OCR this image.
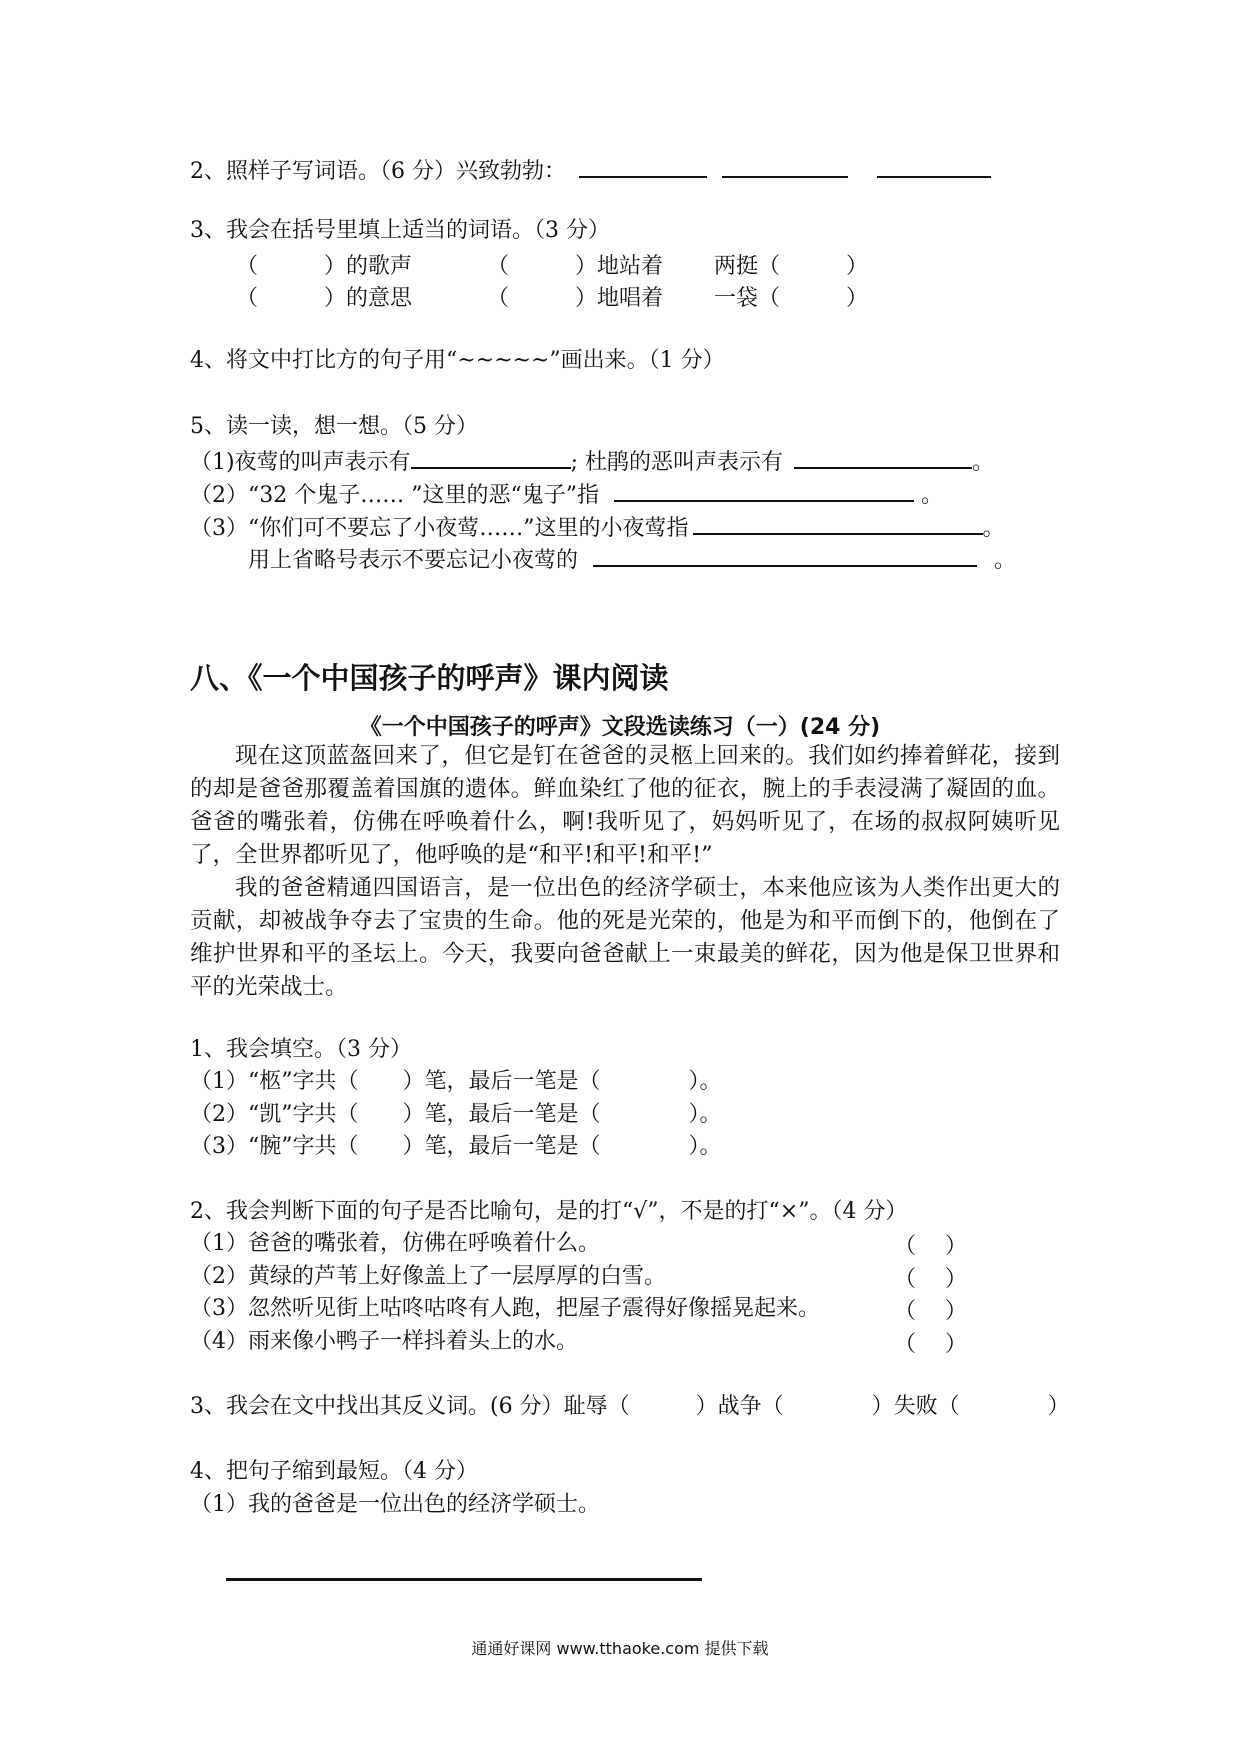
2、照样子写词语。（6 分）兴致勃勃：
3、我会在括号里填上适当的词语。（3 分）
（　　　）的歌声	（　　　）地站着 两挺（　　　）
（　　　）的意思	（　　　）地唱着 一袋（　　　）
4、将文中打比方的句子用“~~~~~”画出来。（1 分）
5、读一读，想一想。（5 分）
（1)夜莺的叫声表示有	; 杜鹃的恶叫声表示有	。
（2）“32 个鬼子…… ”这里的恶“鬼子”指	。
（3）“你们可不要忘了小夜莺……”这里的小夜莺指	。
用上省略号表示不要忘记小夜莺的	。
八、《一个中国孩子的呼声》课内阅读
《一个中国孩子的呼声》文段选读练习（一）(24 分)
现在这顶蓝盔回来了，但它是钉在爸爸的灵柩上回来的。我们如约捧着鲜花，接到的却是爸爸那覆盖着国旗的遗体。鲜血染红了他的征衣，腕上的手表浸满了凝固的血。爸爸的嘴张着，仿佛在呼唤着什么，啊!我听见了，妈妈听见了，在场的叔叔阿姨听见了，全世界都听见了，他呼唤的是“和平!和平!和平!”
我的爸爸精通四国语言，是一位出色的经济学硕士，本来他应该为人类作出更大的贡献，却被战争夺去了宝贵的生命。他的死是光荣的，他是为和平而倒下的，他倒在了维护世界和平的圣坛上。今天，我要向爸爸献上一束最美的鲜花，因为他是保卫世界和平的光荣战士。
1、我会填空。（3 分）
（1）“柩”字共（　　）笔，最后一笔是（　　　　）。
（2）“凯”字共（　　）笔，最后一笔是（　　　　）。
（3）“腕”字共（　　）笔，最后一笔是（　　　　）。
2、我会判断下面的句子是否比喻句，是的打“√”，不是的打“×”。（4 分）
（1）爸爸的嘴张着，仿佛在呼唤着什么。	（　 ）
（2）黄绿的芦苇上好像盖上了一层厚厚的白雪。	（　 ）
（3）忽然听见街上咕咚咕咚有人跑，把屋子震得好像摇晃起来。	（　 ）
（4）雨来像小鸭子一样抖着头上的水。	（　 ）
3、我会在文中找出其反义词。(6 分）耻辱（　　　）战争（　　　　）失败（　　　　）
4、把句子缩到最短。（4 分）
（1）我的爸爸是一位出色的经济学硕士。
通通好课网 www.tthaoke.com 提供下载
